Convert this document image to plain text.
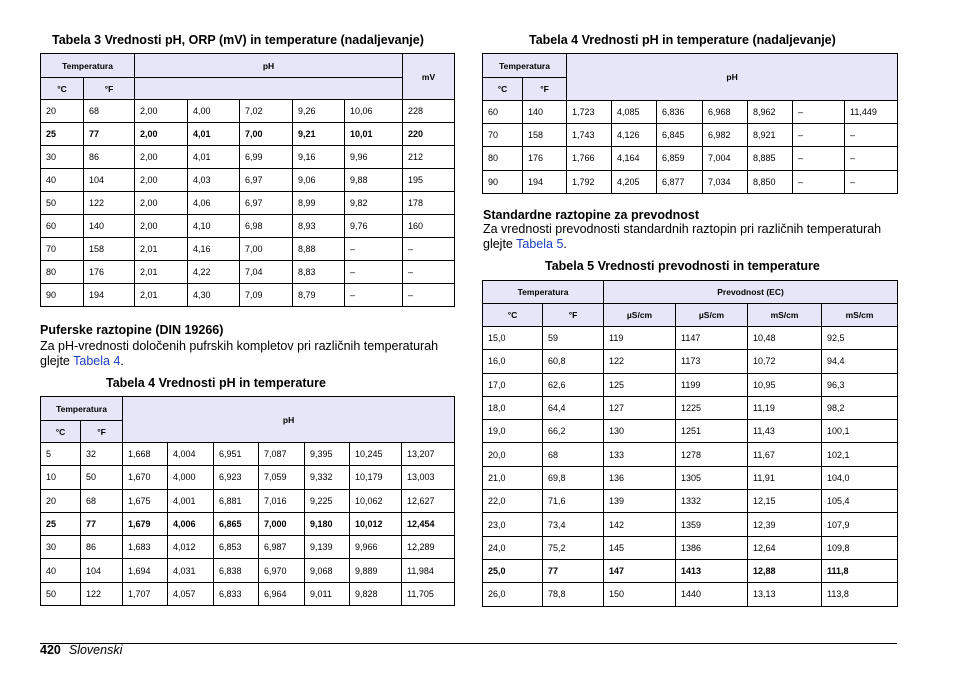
Tabela 3 Vrednosti pH, ORP (mV) in temperature (nadaljevanje)
Temperatura		pH					mV
°C	°F						
20	68	2,00	4,00	7,02	9,26	10,06	228
25	77	2,00	4,01	7,00	9,21	10,01	220
30	86	2,00	4,01	6,99	9,16	9,96	212
40	104	2,00	4,03	6,97	9,06	9,88	195
50	122	2,00	4,06	6,97	8,99	9,82	178
60	140	2,00	4,10	6,98	8,93	9,76	160
70	158	2,01	4,16	7,00	8,88	–	–
80	176	2,01	4,22	7,04	8,83	–	–
90	194	2,01	4,30	7,09	8,79	–	–
Puferske raztopine (DIN 19266)
Za pH-vrednosti določenih pufrskih kompletov pri različnih temperaturah glejte Tabela 4.
Tabela 4 Vrednosti pH in temperature
Temperatura		pH						
°C	°F							
5	32	1,668	4,004	6,951	7,087	9,395	10,245	13,207
10	50	1,670	4,000	6,923	7,059	9,332	10,179	13,003
20	68	1,675	4,001	6,881	7,016	9,225	10,062	12,627
25	77	1,679	4,006	6,865	7,000	9,180	10,012	12,454
30	86	1,683	4,012	6,853	6,987	9,139	9,966	12,289
40	104	1,694	4,031	6,838	6,970	9,068	9,889	11,984
50	122	1,707	4,057	6,833	6,964	9,011	9,828	11,705
Tabela 4 Vrednosti pH in temperature (nadaljevanje)
Temperatura		pH						
°C	°F							
60	140	1,723	4,085	6,836	6,968	8,962	–	11,449
70	158	1,743	4,126	6,845	6,982	8,921	–	–
80	176	1,766	4,164	6,859	7,004	8,885	–	–
90	194	1,792	4,205	6,877	7,034	8,850	–	–
Standardne raztopine za prevodnost
Za vrednosti prevodnosti standardnih raztopin pri različnih temperaturah glejte Tabela 5.
Tabela 5 Vrednosti prevodnosti in temperature
Temperatura		Prevodnost (EC)			
°C	°F	µS/cm	µS/cm	mS/cm	mS/cm
15,0	59	119	1147	10,48	92,5
16,0	60,8	122	1173	10,72	94,4
17,0	62,6	125	1199	10,95	96,3
18,0	64,4	127	1225	11,19	98,2
19,0	66,2	130	1251	11,43	100,1
20,0	68	133	1278	11,67	102,1
21,0	69,8	136	1305	11,91	104,0
22,0	71,6	139	1332	12,15	105,4
23,0	73,4	142	1359	12,39	107,9
24,0	75,2	145	1386	12,64	109,8
25,0	77	147	1413	12,88	111,8
26,0	78,8	150	1440	13,13	113,8
420 Slovenski
